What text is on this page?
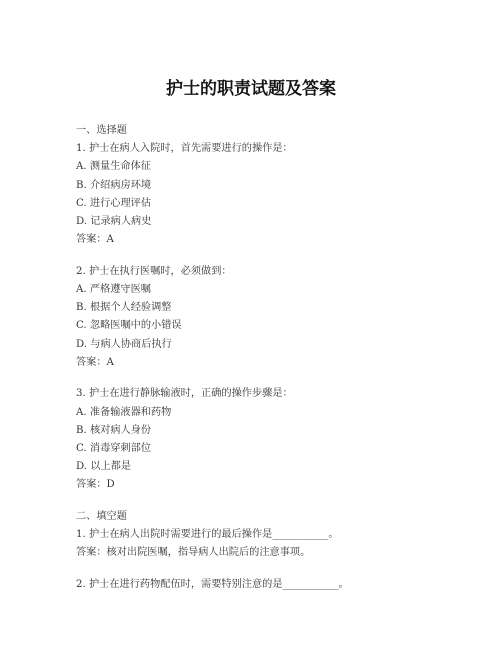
护士的职责试题及答案
一、选择题
1. 护士在病人入院时，首先需要进行的操作是：
A. 测量生命体征
B. 介绍病房环境
C. 进行心理评估
D. 记录病人病史
答案：A
2. 护士在执行医嘱时，必须做到：
A. 严格遵守医嘱
B. 根据个人经验调整
C. 忽略医嘱中的小错误
D. 与病人协商后执行
答案：A
3. 护士在进行静脉输液时，正确的操作步骤是：
A. 准备输液器和药物
B. 核对病人身份
C. 消毒穿刺部位
D. 以上都是
答案：D
二、填空题
1. 护士在病人出院时需要进行的最后操作是___________。
答案：核对出院医嘱，指导病人出院后的注意事项。
2. 护士在进行药物配伍时，需要特别注意的是___________。
